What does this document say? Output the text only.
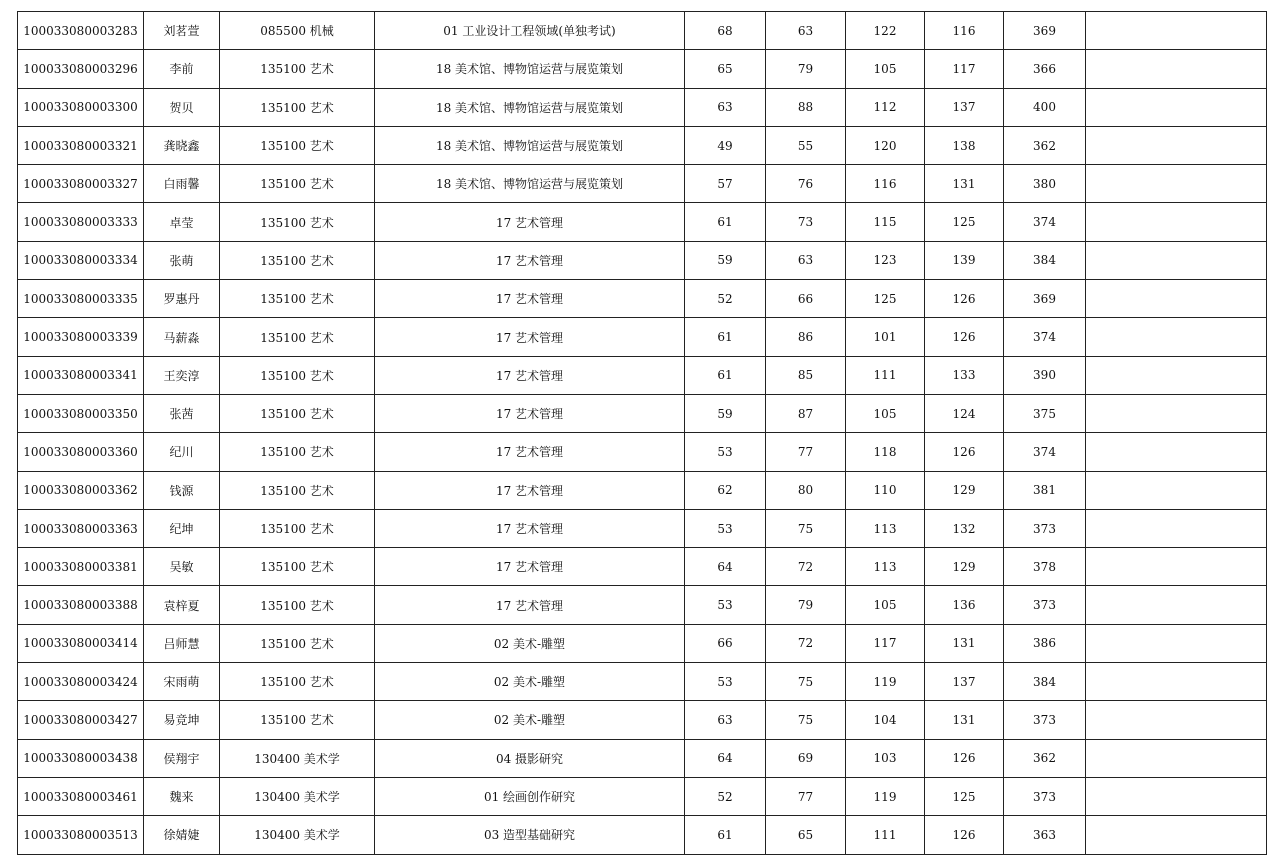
100033080003283	刘茗萱	085500 机械	01 工业设计工程领域(单独考试)	68	63	122	116	369	
100033080003296	李前	135100 艺术	18 美术馆、博物馆运营与展览策划	65	79	105	117	366	
100033080003300	贺贝	135100 艺术	18 美术馆、博物馆运营与展览策划	63	88	112	137	400	
100033080003321	龚晓鑫	135100 艺术	18 美术馆、博物馆运营与展览策划	49	55	120	138	362	
100033080003327	白雨馨	135100 艺术	18 美术馆、博物馆运营与展览策划	57	76	116	131	380	
100033080003333	卓莹	135100 艺术	17 艺术管理	61	73	115	125	374	
100033080003334	张萌	135100 艺术	17 艺术管理	59	63	123	139	384	
100033080003335	罗惠丹	135100 艺术	17 艺术管理	52	66	125	126	369	
100033080003339	马薪淼	135100 艺术	17 艺术管理	61	86	101	126	374	
100033080003341	王奕淳	135100 艺术	17 艺术管理	61	85	111	133	390	
100033080003350	张茜	135100 艺术	17 艺术管理	59	87	105	124	375	
100033080003360	纪川	135100 艺术	17 艺术管理	53	77	118	126	374	
100033080003362	钱源	135100 艺术	17 艺术管理	62	80	110	129	381	
100033080003363	纪坤	135100 艺术	17 艺术管理	53	75	113	132	373	
100033080003381	吴敏	135100 艺术	17 艺术管理	64	72	113	129	378	
100033080003388	袁梓夏	135100 艺术	17 艺术管理	53	79	105	136	373	
100033080003414	吕师慧	135100 艺术	02 美术-雕塑	66	72	117	131	386	
100033080003424	宋雨萌	135100 艺术	02 美术-雕塑	53	75	119	137	384	
100033080003427	易竞坤	135100 艺术	02 美术-雕塑	63	75	104	131	373	
100033080003438	侯翔宇	130400 美术学	04 摄影研究	64	69	103	126	362	
100033080003461	魏来	130400 美术学	01 绘画创作研究	52	77	119	125	373	
100033080003513	徐婧婕	130400 美术学	03 造型基础研究	61	65	111	126	363	
